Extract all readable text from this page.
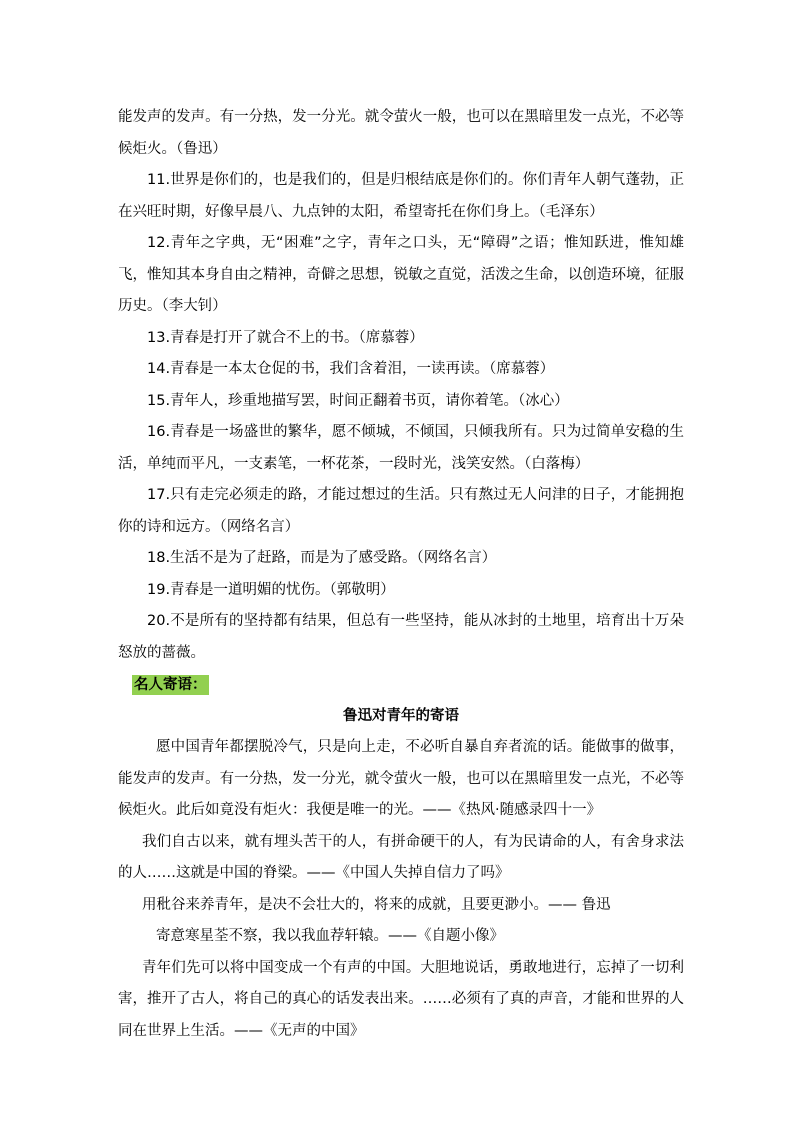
能发声的发声。有一分热，发一分光。就令萤火一般，也可以在黑暗里发一点光，不必等候炬火。（鲁迅）

11.世界是你们的，也是我们的，但是归根结底是你们的。你们青年人朝气蓬勃，正在兴旺时期，好像早晨八、九点钟的太阳，希望寄托在你们身上。（毛泽东）

12.青年之字典，无“困难”之字，青年之口头，无“障碍”之语；惟知跃进，惟知雄飞，惟知其本身自由之精神，奇僻之思想，锐敏之直觉，活泼之生命，以创造环境，征服历史。（李大钊）

13.青春是打开了就合不上的书。（席慕蓉）

14.青春是一本太仓促的书，我们含着泪，一读再读。（席慕蓉）

15.青年人，珍重地描写罢，时间正翻着书页，请你着笔。（冰心）

16.青春是一场盛世的繁华，愿不倾城，不倾国，只倾我所有。只为过简单安稳的生活，单纯而平凡，一支素笔，一杯花茶，一段时光，浅笑安然。（白落梅）

17.只有走完必须走的路，才能过想过的生活。只有熬过无人问津的日子，才能拥抱你的诗和远方。（网络名言）

18.生活不是为了赶路，而是为了感受路。（网络名言）

19.青春是一道明媚的忧伤。（郭敬明）

20.不是所有的坚持都有结果，但总有一些坚持，能从冰封的土地里，培育出十万朵怒放的蔷薇。

名人寄语：

鲁迅对青年的寄语

愿中国青年都摆脱冷气，只是向上走，不必听自暴自弃者流的话。能做事的做事，能发声的发声。有一分热，发一分光，就令萤火一般，也可以在黑暗里发一点光，不必等候炬火。此后如竟没有炬火：我便是唯一的光。——《热风·随感录四十一》

我们自古以来，就有埋头苦干的人，有拼命硬干的人，有为民请命的人，有舍身求法的人……这就是中国的脊梁。——《中国人失掉自信力了吗》

用秕谷来养青年，是决不会壮大的，将来的成就，且要更渺小。—— 鲁迅

寄意寒星荃不察，我以我血荐轩辕。——《自题小像》

青年们先可以将中国变成一个有声的中国。大胆地说话，勇敢地进行，忘掉了一切利害，推开了古人，将自己的真心的话发表出来。……必须有了真的声音，才能和世界的人同在世界上生活。——《无声的中国》
